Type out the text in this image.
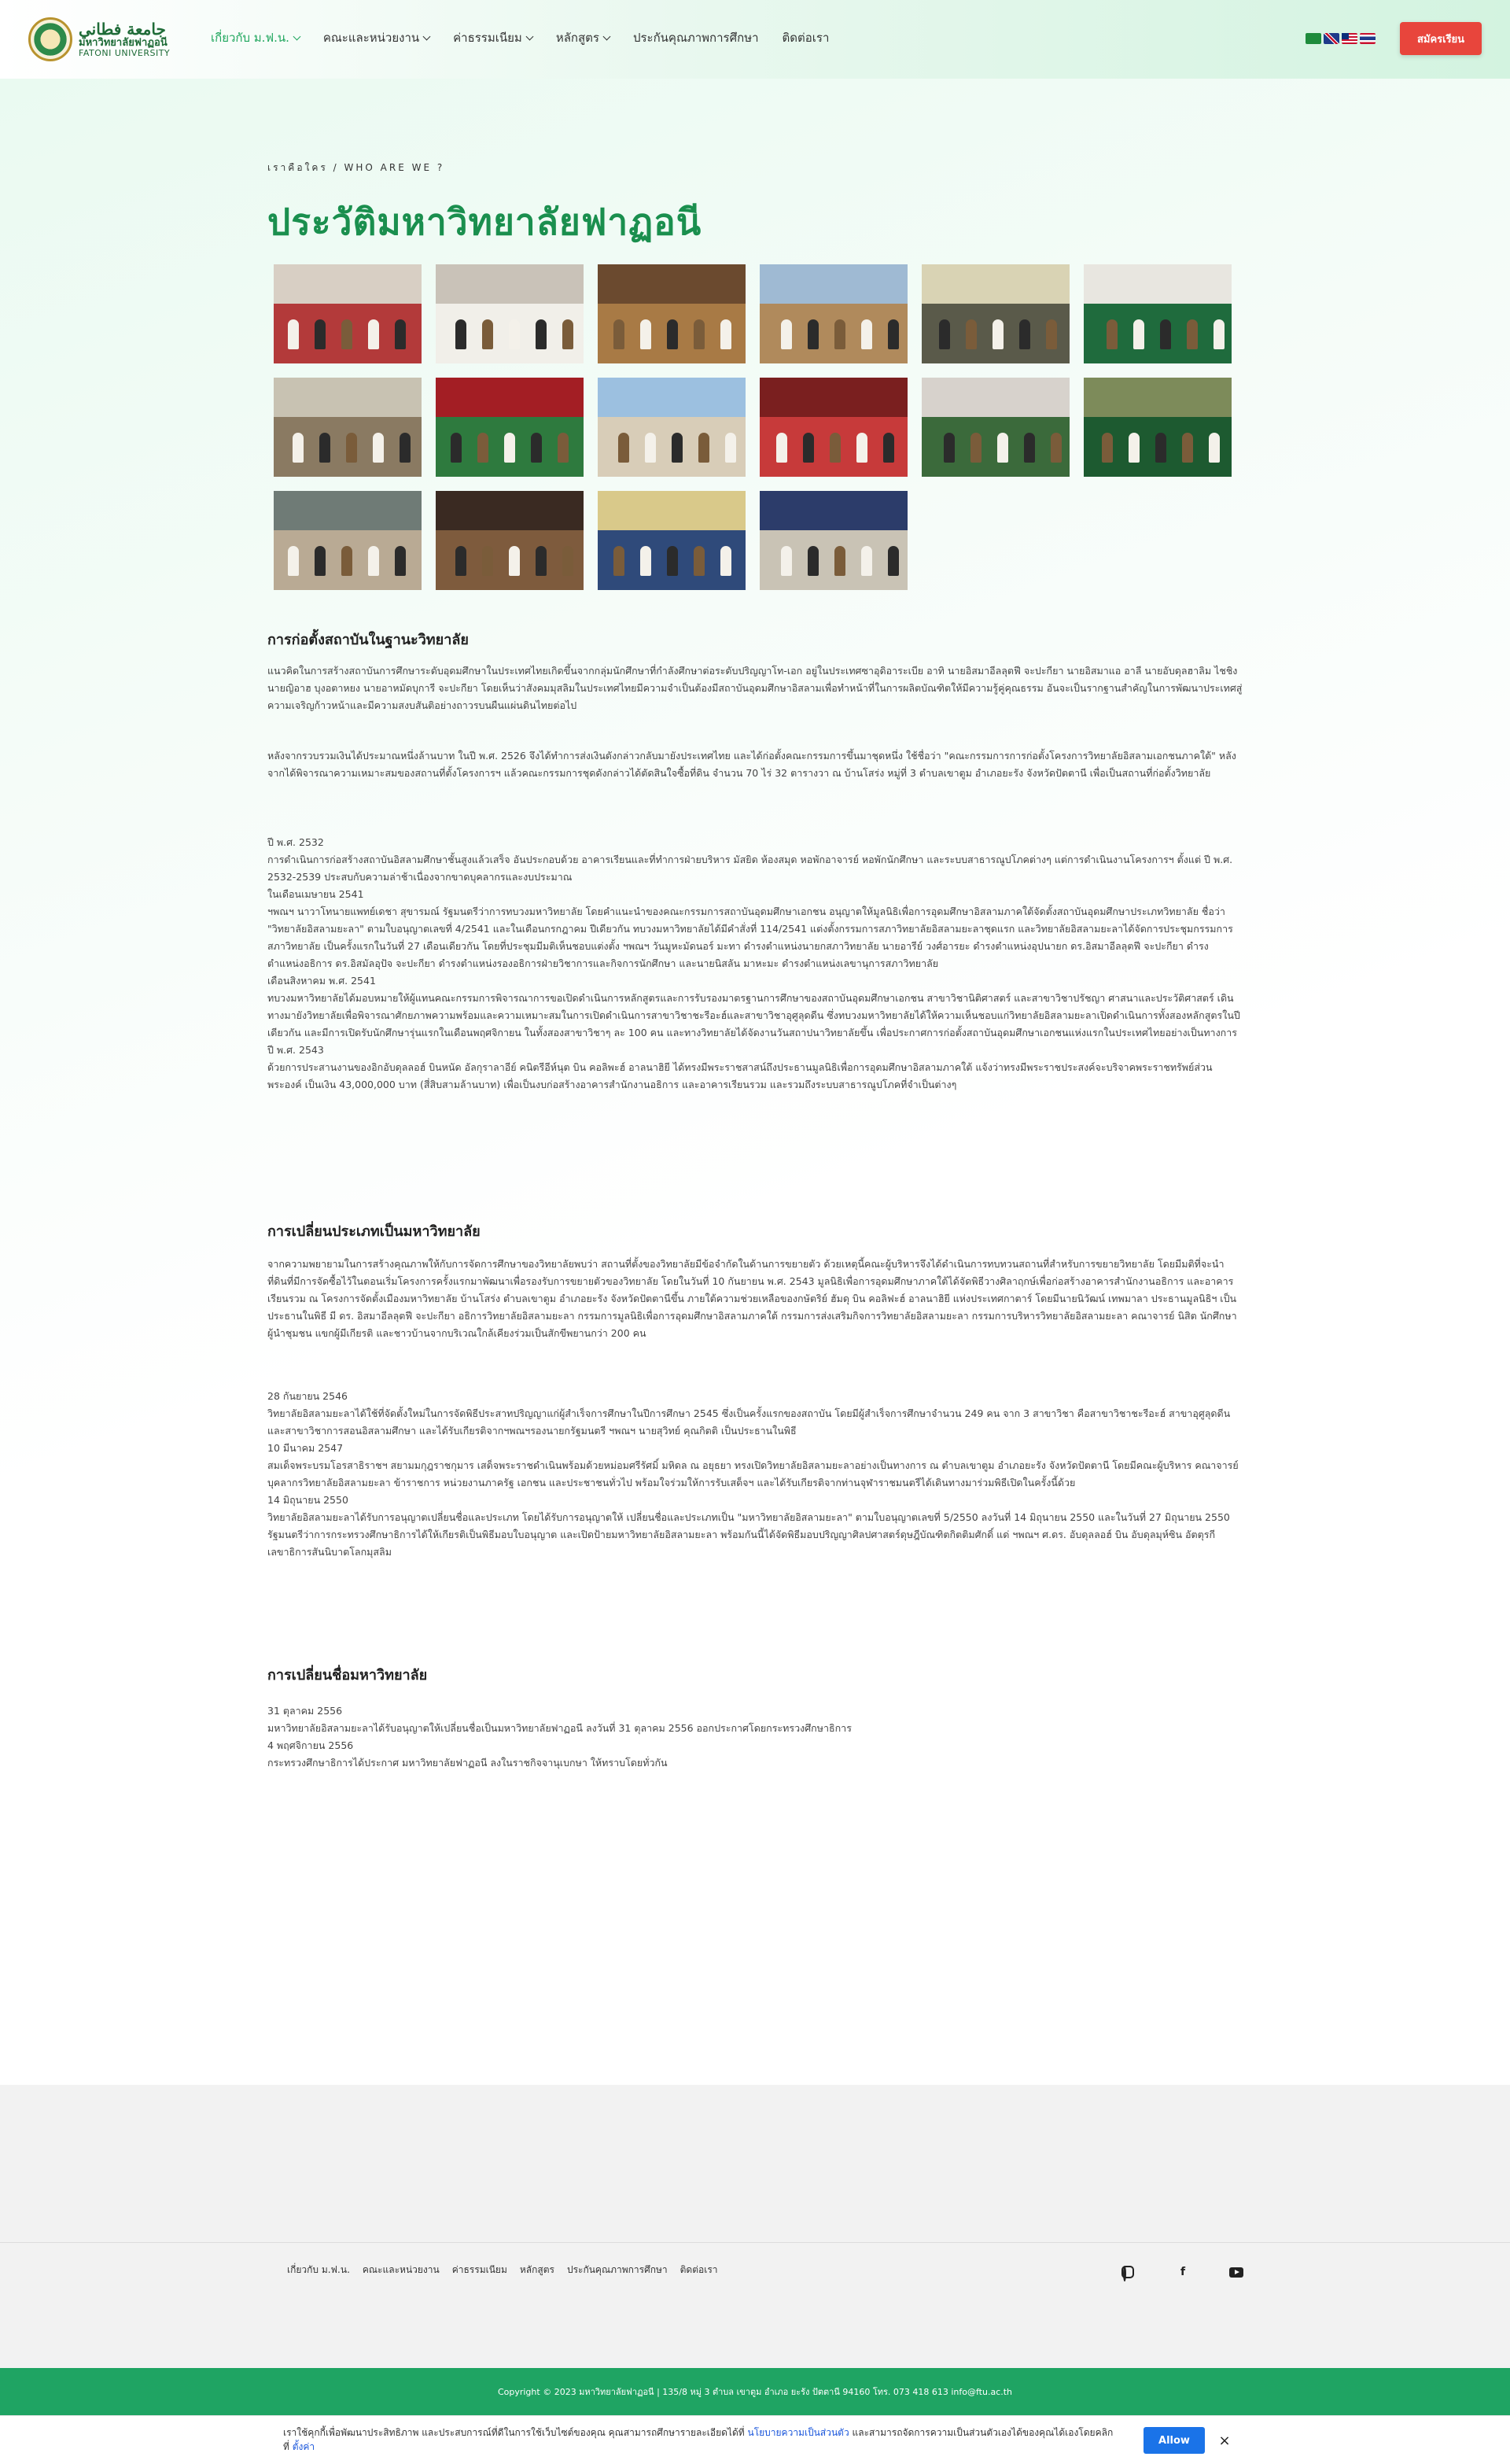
جامعة فطاني
มหาวิทยาลัยฟาฏอนี
FATONI UNIVERSITY
เกี่ยวกับ ม.ฟ.น.	คณะและหน่วยงาน	ค่าธรรมเนียม	หลักสูตร	ประกันคุณภาพการศึกษา ติดต่อเรา	สมัครเรียน
เราคือใคร / WHO ARE WE ?
ประวัติมหาวิทยาลัยฟาฏอนี
การก่อตั้งสถาบันในฐานะวิทยาลัย

แนวคิดในการสร้างสถาบันการศึกษาระดับอุดมศึกษาในประเทศไทยเกิดขึ้นจากกลุ่มนักศึกษาที่กำลังศึกษาต่อระดับปริญญาโท-เอก อยู่ในประเทศซาอุดิอาระเบีย อาทิ นายอิสมาอีลลุตฟี จะปะกียา นายอิสมาแอ อาลี นายอับดุลฮาลิม ไชชิง นายญิอาฮ บุงอตาหยง นายอาหมัดบุการี จะปะกียา โดยเห็นว่าสังคมมุสลิมในประเทศไทยมีความจำเป็นต้องมีสถาบันอุดมศึกษาอิสลามเพื่อทำหน้าที่ในการผลิตบัณฑิตให้มีความรู้คู่คุณธรรม อันจะเป็นรากฐานสำคัญในการพัฒนาประเทศสู่ความเจริญก้าวหน้าและมีความสงบสันติอย่างถาวรบนผืนแผ่นดินไทยต่อไป

หลังจากรวบรวมเงินได้ประมาณหนึ่งล้านบาท ในปี พ.ศ. 2526 จึงได้ทำการส่งเงินดังกล่าวกลับมายังประเทศไทย และได้ก่อตั้งคณะกรรมการขึ้นมาชุดหนึ่ง ใช้ชื่อว่า "คณะกรรมการการก่อตั้งโครงการวิทยาลัยอิสลามเอกชนภาคใต้" หลังจากได้พิจารณาความเหมาะสมของสถานที่ตั้งโครงการฯ แล้วคณะกรรมการชุดดังกล่าวได้ตัดสินใจซื้อที่ดิน จำนวน 70 ไร่ 32 ตารางวา ณ บ้านโสร่ง หมู่ที่ 3 ตำบลเขาตูม อำเภอยะรัง จังหวัดปัตตานี เพื่อเป็นสถานที่ก่อตั้งวิทยาลัย

ปี พ.ศ. 2532
การดำเนินการก่อสร้างสถาบันอิสลามศึกษาชั้นสูงแล้วเสร็จ อันประกอบด้วย อาคารเรียนและที่ทำการฝ่ายบริหาร มัสยิด ห้องสมุด หอพักอาจารย์ หอพักนักศึกษา และระบบสาธารณูปโภคต่างๆ แต่การดำเนินงานโครงการฯ ตั้งแต่ ปี พ.ศ. 2532-2539 ประสบกับความล่าช้าเนื่องจากขาดบุคลากรและงบประมาณ
ในเดือนเมษายน 2541
ฯพณฯ นาวาโทนายแพทย์เดชา สุขารมณ์ รัฐมนตรีว่าการทบวงมหาวิทยาลัย โดยคำแนะนำของคณะกรรมการสถาบันอุดมศึกษาเอกชน อนุญาตให้มูลนิธิเพื่อการอุดมศึกษาอิสลามภาคใต้จัดตั้งสถาบันอุดมศึกษาประเภทวิทยาลัย ชื่อว่า "วิทยาลัยอิสลามยะลา" ตามใบอนุญาตเลขที่ 4/2541 และในเดือนกรกฎาคม ปีเดียวกัน ทบวงมหาวิทยาลัยได้มีคำสั่งที่ 114/2541 แต่งตั้งกรรมการสภาวิทยาลัยอิสลามยะลาชุดแรก และวิทยาลัยอิสลามยะลาได้จัดการประชุมกรรมการสภาวิทยาลัย เป็นครั้งแรกในวันที่ 27 เดือนเดียวกัน โดยที่ประชุมมีมติเห็นชอบแต่งตั้ง ฯพณฯ วันมูหะมัดนอร์ มะทา ดำรงตำแหน่งนายกสภาวิทยาลัย นายอารีย์ วงศ์อารยะ ดำรงตำแหน่งอุปนายก ดร.อิสมาอีลลุตฟี จะปะกียา ดำรงตำแหน่งอธิการ ดร.อิสมัลอุปัจ จะปะกียา ดำรงตำแหน่งรองอธิการฝ่ายวิชาการและกิจการนักศึกษา และนายนิสลัน มาหะมะ ดำรงตำแหน่งเลขานุการสภาวิทยาลัย
เดือนสิงหาคม พ.ศ. 2541
ทบวงมหาวิทยาลัยได้มอบหมายให้ผู้แทนคณะกรรมการพิจารณาการขอเปิดดำเนินการหลักสูตรและการรับรองมาตรฐานการศึกษาของสถาบันอุดมศึกษาเอกชน สาขาวิชานิติศาสตร์ และสาขาวิชาปรัชญา ศาสนาและประวัติศาสตร์ เดินทางมายังวิทยาลัยเพื่อพิจารณาศักยภาพความพร้อมและความเหมาะสมในการเปิดดำเนินการสาขาวิชาชะรีอะฮ์และสาขาวิชาอุศูลุดดีน ซึ่งทบวงมหาวิทยาลัยได้ให้ความเห็นชอบแก่วิทยาลัยอิสลามยะลาเปิดดำเนินการทั้งสองหลักสูตรในปีเดียวกัน และมีการเปิดรับนักศึกษารุ่นแรกในเดือนพฤศจิกายน ในทั้งสองสาขาวิชาๆ ละ 100 คน และทางวิทยาลัยได้จัดงานวันสถาปนาวิทยาลัยขึ้น เพื่อประกาศการก่อตั้งสถาบันอุดมศึกษาเอกชนแห่งแรกในประเทศไทยอย่างเป็นทางการ
ปี พ.ศ. 2543
ด้วยการประสานงานของอิกอับดุลลอฮ์ บินหนัด อัลกุราลาอีย์ คนิตรีอีห์นุต บิน คอลิพะฮ์ อาลนาฮิยี ได้ทรงมีพระราชสาสน์ถึงประธานมูลนิธิเพื่อการอุดมศึกษาอิสลามภาคใต้ แจ้งว่าทรงมีพระราชประสงค์จะบริจาคพระราชทรัพย์ส่วนพระองค์ เป็นเงิน 43,000,000 บาท (สี่สิบสามล้านบาท) เพื่อเป็นงบก่อสร้างอาคารสำนักงานอธิการ และอาคารเรียนรวม และรวมถึงระบบสาธารณูปโภคที่จำเป็นต่างๆ

การเปลี่ยนประเภทเป็นมหาวิทยาลัย

จากความพยายามในการสร้างคุณภาพให้กับการจัดการศึกษาของวิทยาลัยพบว่า สถานที่ตั้งของวิทยาลัยมีข้อจำกัดในด้านการขยายตัว ด้วยเหตุนี้คณะผู้บริหารจึงได้ดำเนินการทบทวนสถานที่สำหรับการขยายวิทยาลัย โดยมีมติที่จะนำที่ดินที่มีการจัดซื้อไว้ในตอนเริ่มโครงการครั้งแรกมาพัฒนาเพื่อรองรับการขยายตัวของวิทยาลัย โดยในวันที่ 10 กันยายน พ.ศ. 2543 มูลนิธิเพื่อการอุดมศึกษาภาคใต้ได้จัดพิธีวางศิลาฤกษ์เพื่อก่อสร้างอาคารสำนักงานอธิการ และอาคารเรียนรวม ณ โครงการจัดตั้งเมืองมหาวิทยาลัย บ้านโสร่ง ตำบลเขาตูม อำเภอยะรัง จังหวัดปัตตานีขึ้น ภายใต้ความช่วยเหลือของกษัตริย์ ฮัมดุ บิน คอลิฟะฮ์ อาลนาฮิยี แห่งประเทศกาตาร์ โดยมีนายนิวัฒน์ เทพมาลา ประธานมูลนิธิฯ เป็นประธานในพิธี มี ดร. อิสมาอีลลุตฟี จะปะกียา อธิการวิทยาลัยอิสลามยะลา กรรมการมูลนิธิเพื่อการอุดมศึกษาอิสลามภาคใต้ กรรมการส่งเสริมกิจการวิทยาลัยอิสลามยะลา กรรมการบริหารวิทยาลัยอิสลามยะลา คณาจารย์ นิสิต นักศึกษา ผู้นำชุมชน แขกผู้มีเกียรติ และชาวบ้านจากบริเวณใกล้เคียงร่วมเป็นสักขีพยานกว่า 200 คน

28 กันยายน 2546
วิทยาลัยอิสลามยะลาได้ใช้ที่จัดตั้งใหม่ในการจัดพิธีประสาทปริญญาแก่ผู้สำเร็จการศึกษาในปีการศึกษา 2545 ซึ่งเป็นครั้งแรกของสถาบัน โดยมีผู้สำเร็จการศึกษาจำนวน 249 คน จาก 3 สาขาวิชา คือสาขาวิชาชะรีอะฮ์ สาขาอุศูลุดดีน และสาขาวิชาการสอนอิสลามศึกษา และได้รับเกียรติจากฯพณฯรองนายกรัฐมนตรี ฯพณฯ นายสุวิทย์ คุณกิตติ เป็นประธานในพิธี
10 มีนาคม 2547
สมเด็จพระบรมโอรสาธิราชฯ สยามมกุฎราชกุมาร เสด็จพระราชดำเนินพร้อมด้วยหม่อมศรีรัศมิ์ มหิดล ณ อยุธยา ทรงเปิดวิทยาลัยอิสลามยะลาอย่างเป็นทางการ ณ ตำบลเขาตูม อำเภอยะรัง จังหวัดปัตตานี โดยมีคณะผู้บริหาร คณาจารย์ บุคลากรวิทยาลัยอิสลามยะลา ข้าราชการ หน่วยงานภาครัฐ เอกชน และประชาชนทั่วไป พร้อมใจร่วมให้การรับเสด็จฯ และได้รับเกียรติจากท่านจุฬาราชมนตรีได้เดินทางมาร่วมพิธีเปิดในครั้งนี้ด้วย
14 มิถุนายน 2550
วิทยาลัยอิสลามยะลาได้รับการอนุญาตเปลี่ยนชื่อและประเภท โดยได้รับการอนุญาตให้ เปลี่ยนชื่อและประเภทเป็น "มหาวิทยาลัยอิสลามยะลา" ตามใบอนุญาตเลขที่ 5/2550 ลงวันที่ 14 มิถุนายน 2550 และในวันที่ 27 มิถุนายน 2550 รัฐมนตรีว่าการกระทรวงศึกษาธิการได้ให้เกียรติเป็นพิธีมอบใบอนุญาต และเปิดป้ายมหาวิทยาลัยอิสลามยะลา พร้อมกันนี้ได้จัดพิธีมอบปริญญาศิลปศาสตร์ดุษฎีบัณฑิตกิตติมศักดิ์ แด่ ฯพณฯ ศ.ดร. อับดุลลอฮ์ บิน อับดุลมุห์ซิน อัตตุรกี เลขาธิการสันนิบาตโลกมุสลิม

การเปลี่ยนชื่อมหาวิทยาลัย

31 ตุลาคม 2556
มหาวิทยาลัยอิสลามยะลาได้รับอนุญาตให้เปลี่ยนชื่อเป็นมหาวิทยาลัยฟาฏอนี ลงวันที่ 31 ตุลาคม 2556 ออกประกาศโดยกระทรวงศึกษาธิการ
4 พฤศจิกายน 2556
กระทรวงศึกษาธิการได้ประกาศ มหาวิทยาลัยฟาฏอนี ลงในราชกิจจานุเบกษา ให้ทราบโดยทั่วกัน

เกี่ยวกับ ม.ฟ.น. คณะและหน่วยงาน ค่าธรรมเนียม หลักสูตร ประกันคุณภาพการศึกษา ติดต่อเรา	f
Copyright © 2023 มหาวิทยาลัยฟาฏอนี | 135/8 หมู่ 3 ตำบล เขาตูม อำเภอ ยะรัง ปัตตานี 94160 โทร. 073 418 613 info@ftu.ac.th
เราใช้คุกกี้เพื่อพัฒนาประสิทธิภาพ และประสบการณ์ที่ดีในการใช้เว็บไซต์ของคุณ คุณสามารถศึกษารายละเอียดได้ที่ นโยบายความเป็นส่วนตัว และสามารถจัดการความเป็นส่วนตัวเองได้ของคุณได้เองโดยคลิกที่ ตั้งค่า
Allow	×
